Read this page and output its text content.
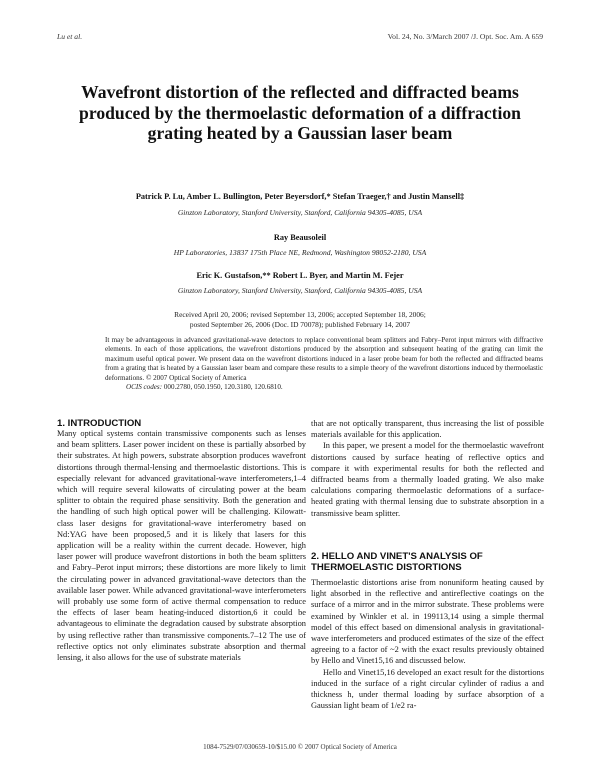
Lu et al.	Vol. 24, No. 3/March 2007 /J. Opt. Soc. Am. A 659
Wavefront distortion of the reflected and diffracted beams produced by the thermoelastic deformation of a diffraction grating heated by a Gaussian laser beam
Patrick P. Lu, Amber L. Bullington, Peter Beyersdorf,* Stefan Traeger,† and Justin Mansell‡
Ginzton Laboratory, Stanford University, Stanford, California 94305-4085, USA
Ray Beausoleil
HP Laboratories, 13837 175th Place NE, Redmond, Washington 98052-2180, USA
Eric K. Gustafson,** Robert L. Byer, and Martin M. Fejer
Ginzton Laboratory, Stanford University, Stanford, California 94305-4085, USA
Received April 20, 2006; revised September 13, 2006; accepted September 18, 2006;
posted September 26, 2006 (Doc. ID 70078); published February 14, 2007
It may be advantageous in advanced gravitational-wave detectors to replace conventional beam splitters and Fabry–Perot input mirrors with diffractive elements. In each of those applications, the wavefront distortions produced by the absorption and subsequent heating of the grating can limit the maximum useful optical power. We present data on the wavefront distortions induced in a laser probe beam for both the reflected and diffracted beams from a grating that is heated by a Gaussian laser beam and compare these results to a simple theory of the wavefront distortions induced by thermoelastic deformations. © 2007 Optical Society of America
OCIS codes: 000.2780, 050.1950, 120.3180, 120.6810.
1. INTRODUCTION

Many optical systems contain transmissive components such as lenses and beam splitters. Laser power incident on these is partially absorbed by their substrates. At high powers, substrate absorption produces wavefront distortions through thermal-lensing and thermoelastic distortions. This is especially relevant for advanced gravitational-wave interferometers,1–4 which will require several kilowatts of circulating power at the beam splitter to obtain the required phase sensitivity. Both the generation and the handling of such high optical power will be challenging. Kilowatt-class laser designs for gravitational-wave interferometry based on Nd:YAG have been proposed,5 and it is likely that lasers for this application will be a reality within the current decade. However, high laser power will produce wavefront distortions in both the beam splitters and Fabry–Perot input mirrors; these distortions are more likely to limit the circulating power in advanced gravitational-wave detectors than the available laser power. While advanced gravitational-wave interferometers will probably use some form of active thermal compensation to reduce the effects of laser beam heating-induced distortion,6 it could be advantageous to eliminate the degradation caused by substrate absorption by using reflective rather than transmissive components.7–12 The use of reflective optics not only eliminates substrate absorption and thermal lensing, it also allows for the use of substrate materials

that are not optically transparent, thus increasing the list of possible materials available for this application.

In this paper, we present a model for the thermoelastic wavefront distortions caused by surface heating of reflective optics and compare it with experimental results for both the reflected and diffracted beams from a thermally loaded grating. We also make calculations comparing thermoelastic deformations of a surface-heated grating with thermal lensing due to substrate absorption in a transmissive beam splitter.

2. HELLO AND VINET'S ANALYSIS OF THERMOELASTIC DISTORTIONS

Thermoelastic distortions arise from nonuniform heating caused by light absorbed in the reflective and antireflective coatings on the surface of a mirror and in the mirror substrate. These problems were examined by Winkler et al. in 199113,14 using a simple thermal model of this effect based on dimensional analysis in gravitational-wave interferometers and produced estimates of the size of the effect agreeing to a factor of ~2 with the exact results previously obtained by Hello and Vinet15,16 and discussed below.

Hello and Vinet15,16 developed an exact result for the distortions induced in the surface of a right circular cylinder of radius a and thickness h, under thermal loading by surface absorption of a Gaussian light beam of 1/e2 ra-

1084-7529/07/030659-10/$15.00 © 2007 Optical Society of America
